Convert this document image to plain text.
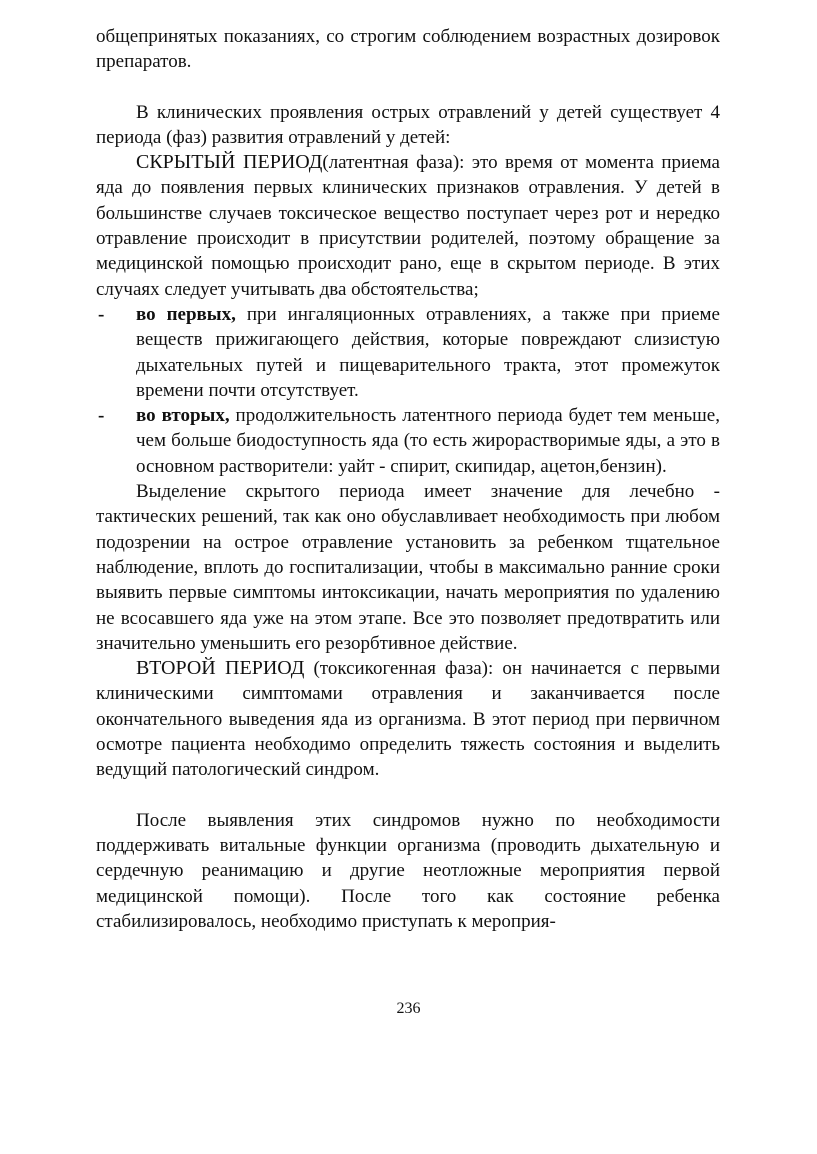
общепринятых показаниях, со строгим соблюдением возрастных дозировок препаратов.

В клинических проявления острых отравлений у детей существует 4 периода (фаз) развития отравлений у детей:

СКРЫТЫЙ ПЕРИОД(латентная фаза): это время от момента приема яда до появления первых клинических признаков отравления. У детей в большинстве случаев токсическое вещество поступает через рот и нередко отравление происходит в присутствии родителей, поэтому обращение за медицинской помощью происходит рано, еще в скрытом периоде. В этих случаях следует учитывать два обстоятельства;

- во первых, при ингаляционных отравлениях, а также при приеме веществ прижигающего действия, которые повреждают слизистую дыхательных путей и пищеварительного тракта, этот промежуток времени почти отсутствует.

- во вторых, продолжительность латентного периода будет тем меньше, чем больше биодоступность яда (то есть жирорастворимые яды, а это в основном растворители: уайт - спирит, скипидар, ацетон,бензин).

Выделение скрытого периода имеет значение для лечебно - тактических решений, так как оно обуславливает необходимость при любом подозрении на острое отравление установить за ребенком тщательное наблюдение, вплоть до госпитализации, чтобы в максимально ранние сроки выявить первые симптомы интоксикации, начать мероприятия по удалению не всосавшего яда уже на этом этапе. Все это позволяет предотвратить или значительно уменьшить его резорбтивное действие.

ВТОРОЙ ПЕРИОД (токсикогенная фаза): он начинается с первыми клиническими симптомами отравления и заканчивается после окончательного выведения яда из организма. В этот период при первичном осмотре пациента необходимо определить тяжесть состояния и выделить ведущий патологический синдром.

После выявления этих синдромов нужно по необходимости поддерживать витальные функции организма (проводить дыхательную и сердечную реанимацию и другие неотложные мероприятия первой медицинской помощи). После того как состояние ребенка стабилизировалось, необходимо приступать к мероприя-

236
